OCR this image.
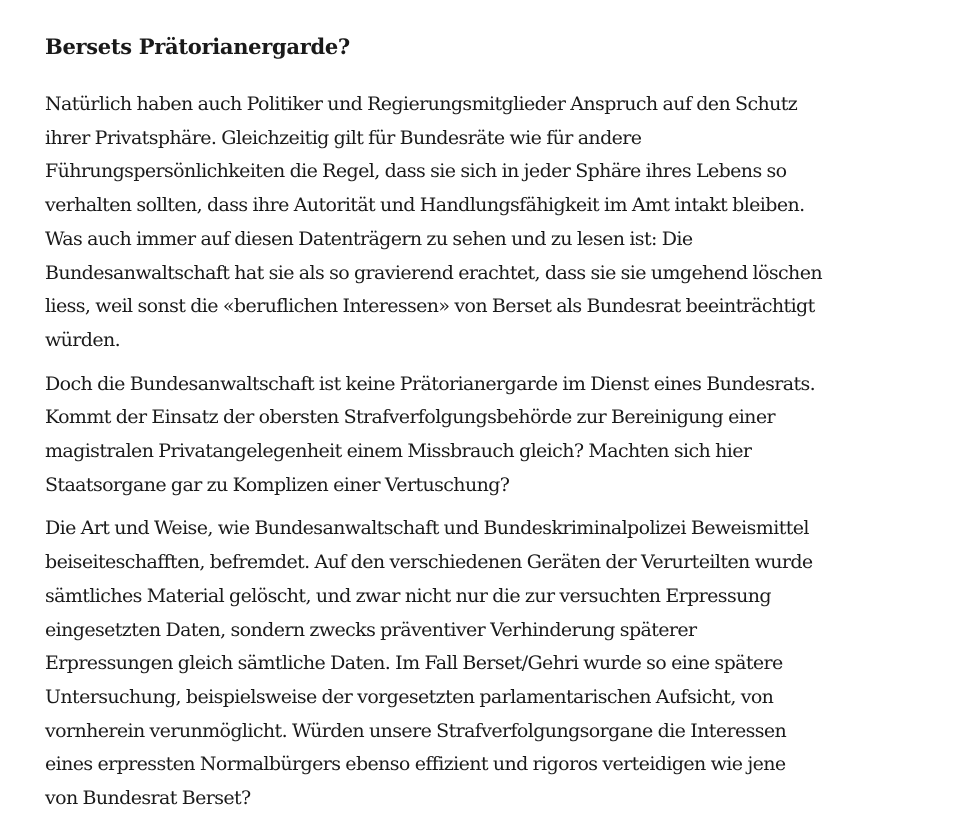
Bersets Prätorianergarde?

Natürlich haben auch Politiker und Regierungsmitglieder Anspruch auf den Schutz
ihrer Privatsphäre. Gleichzeitig gilt für Bundesräte wie für andere
Führungspersönlichkeiten die Regel, dass sie sich in jeder Sphäre ihres Lebens so
verhalten sollten, dass ihre Autorität und Handlungsfähigkeit im Amt intakt bleiben.
Was auch immer auf diesen Datenträgern zu sehen und zu lesen ist: Die
Bundesanwaltschaft hat sie als so gravierend erachtet, dass sie sie umgehend löschen
liess, weil sonst die «beruflichen Interessen» von Berset als Bundesrat beeinträchtigt
würden.

Doch die Bundesanwaltschaft ist keine Prätorianergarde im Dienst eines Bundesrats.
Kommt der Einsatz der obersten Strafverfolgungsbehörde zur Bereinigung einer
magistralen Privatangelegenheit einem Missbrauch gleich? Machten sich hier
Staatsorgane gar zu Komplizen einer Vertuschung?

Die Art und Weise, wie Bundesanwaltschaft und Bundeskriminalpolizei Beweismittel
beiseiteschafften, befremdet. Auf den verschiedenen Geräten der Verurteilten wurde
sämtliches Material gelöscht, und zwar nicht nur die zur versuchten Erpressung
eingesetzten Daten, sondern zwecks präventiver Verhinderung späterer
Erpressungen gleich sämtliche Daten. Im Fall Berset/Gehri wurde so eine spätere
Untersuchung, beispielsweise der vorgesetzten parlamentarischen Aufsicht, von
vornherein verunmöglicht. Würden unsere Strafverfolgungsorgane die Interessen
eines erpressten Normalbürgers ebenso effizient und rigoros verteidigen wie jene
von Bundesrat Berset?
